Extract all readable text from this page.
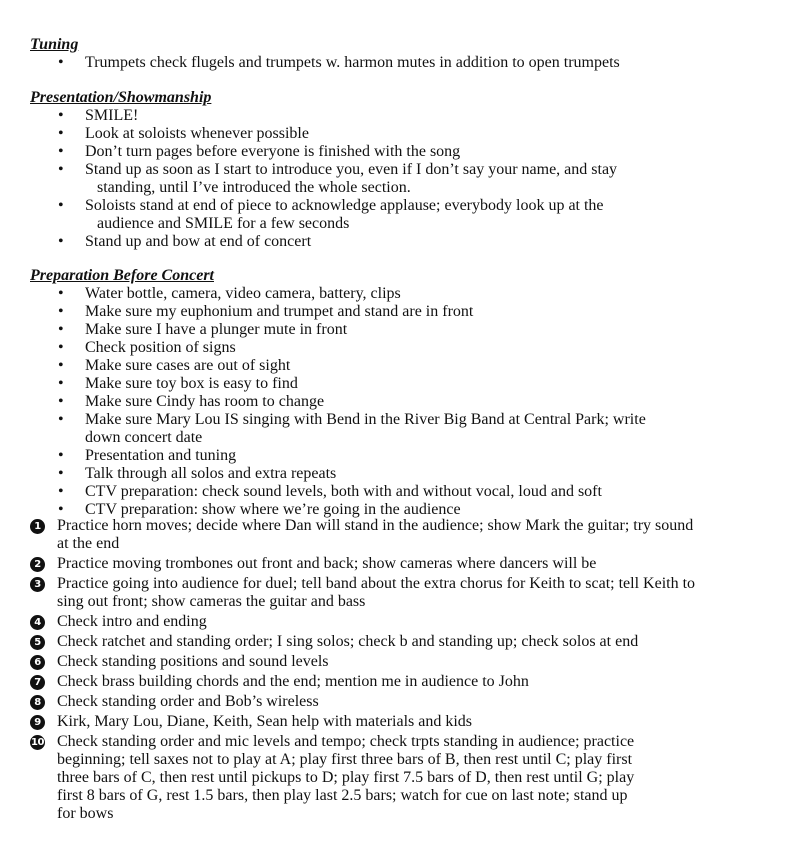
Tuning
• Trumpets check flugels and trumpets w. harmon mutes in addition to open trumpets
Presentation/Showmanship
• SMILE!
• Look at soloists whenever possible
• Don’t turn pages before everyone is finished with the song
• Stand up as soon as I start to introduce you, even if I don’t say your name, and stay
standing, until I’ve introduced the whole section.
• Soloists stand at end of piece to acknowledge applause; everybody look up at the
audience and SMILE for a few seconds
• Stand up and bow at end of concert
Preparation Before Concert
• Water bottle, camera, video camera, battery, clips
• Make sure my euphonium and trumpet and stand are in front
• Make sure I have a plunger mute in front
• Check position of signs
• Make sure cases are out of sight
• Make sure toy box is easy to find
• Make sure Cindy has room to change
• Make sure Mary Lou IS singing with Bend in the River Big Band at Central Park; write
down concert date
• Presentation and tuning
• Talk through all solos and extra repeats
• CTV preparation: check sound levels, both with and without vocal, loud and soft
• CTV preparation: show where we’re going in the audience
1 Practice horn moves; decide where Dan will stand in the audience; show Mark the guitar; try sound
at the end
2 Practice moving trombones out front and back; show cameras where dancers will be
3 Practice going into audience for duel; tell band about the extra chorus for Keith to scat; tell Keith to
sing out front; show cameras the guitar and bass
4 Check intro and ending
5 Check ratchet and standing order; I sing solos; check b and standing up; check solos at end
6 Check standing positions and sound levels
7 Check brass building chords and the end; mention me in audience to John
8 Check standing order and Bob’s wireless
9 Kirk, Mary Lou, Diane, Keith, Sean help with materials and kids
10 Check standing order and mic levels and tempo; check trpts standing in audience; practice
beginning; tell saxes not to play at A; play first three bars of B, then rest until C; play first
three bars of C, then rest until pickups to D; play first 7.5 bars of D, then rest until G; play
first 8 bars of G, rest 1.5 bars, then play last 2.5 bars; watch for cue on last note; stand up
for bows
